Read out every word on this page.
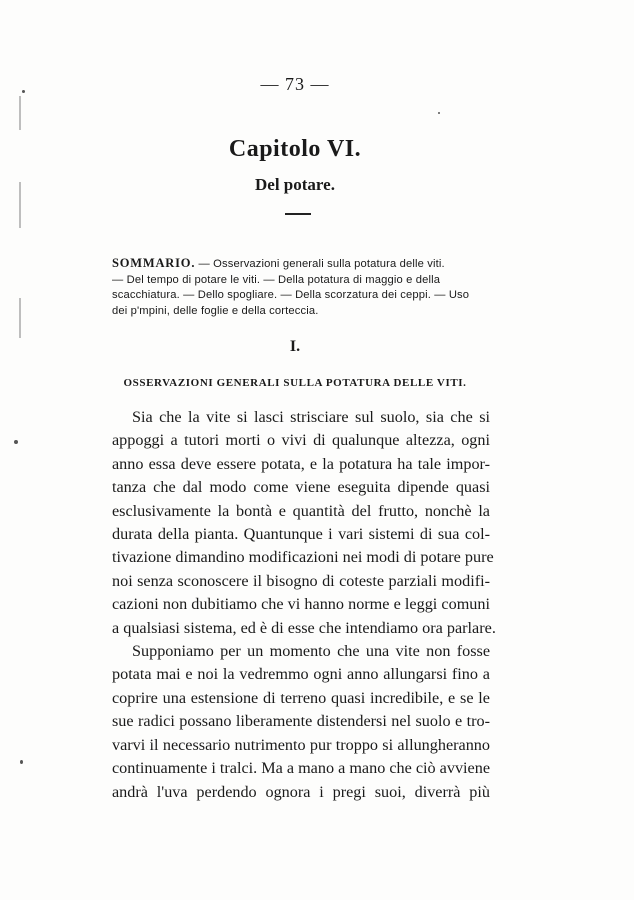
— 73 —
Capitolo VI.
Del potare.
SOMMARIO. — Osservazioni generali sulla potatura delle viti.
— Del tempo di potare le viti. — Della potatura di maggio e della
scacchiatura. — Dello spogliare. — Della scorzatura dei ceppi. — Uso
dei p'mpini, delle foglie e della corteccia.
I.
OSSERVAZIONI GENERALI SULLA POTATURA DELLE VITI.
Sia che la vite si lasci strisciare sul suolo, sia che si
appoggi a tutori morti o vivi di qualunque altezza, ogni
anno essa deve essere potata, e la potatura ha tale impor-
tanza che dal modo come viene eseguita dipende quasi
esclusivamente la bontà e quantità del frutto, nonchè la
durata della pianta. Quantunque i vari sistemi di sua col-
tivazione dimandino modificazioni nei modi di potare pure
noi senza sconoscere il bisogno di coteste parziali modifi-
cazioni non dubitiamo che vi hanno norme e leggi comuni
a qualsiasi sistema, ed è di esse che intendiamo ora parlare.
Supponiamo per un momento che una vite non fosse
potata mai e noi la vedremmo ogni anno allungarsi fino a
coprire una estensione di terreno quasi incredibile, e se le
sue radici possano liberamente distendersi nel suolo e tro-
varvi il necessario nutrimento pur troppo si allungheranno
continuamente i tralci. Ma a mano a mano che ciò avviene
andrà l'uva perdendo ognora i pregi suoi, diverrà più
